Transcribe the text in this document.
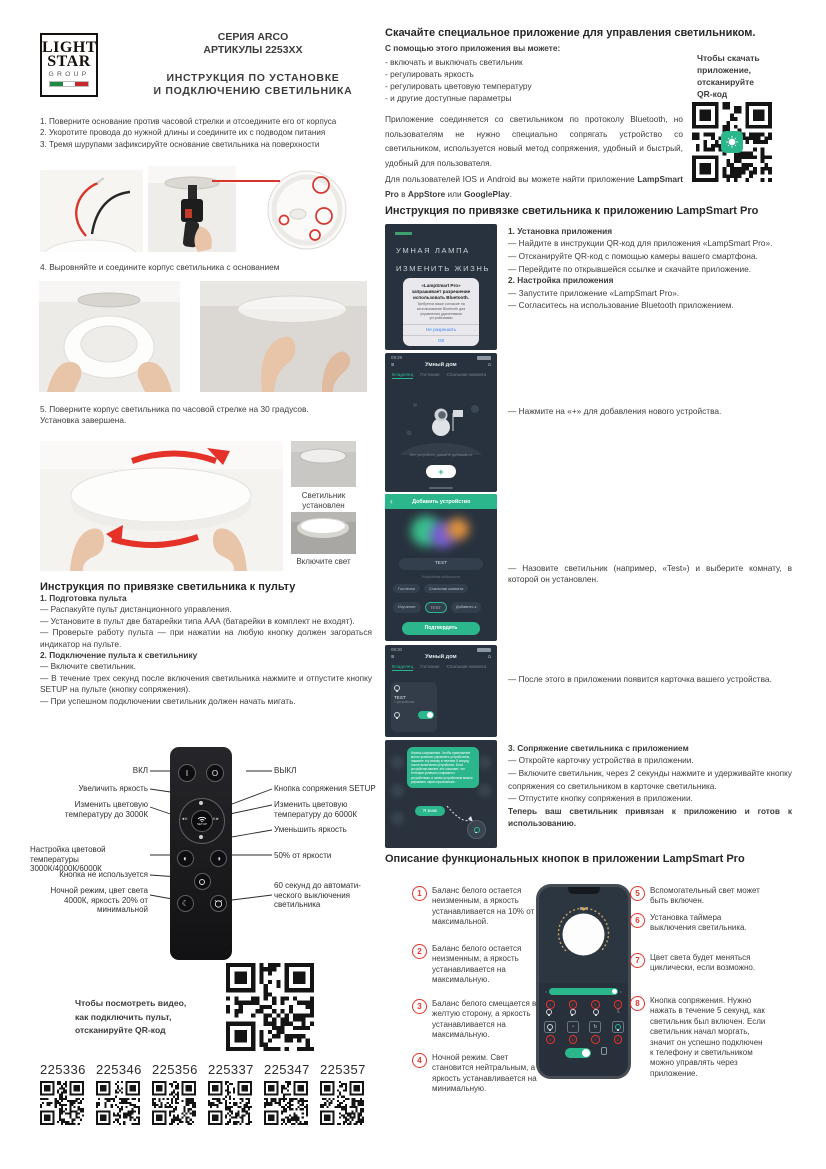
LIGHT
STAR
GROUP
СЕРИЯ ARCO
АРТИКУЛЫ 2253ХХ
ИНСТРУКЦИЯ ПО УСТАНОВКЕ
И ПОДКЛЮЧЕНИЮ СВЕТИЛЬНИКА
1. Поверните основание против часовой стрелки и отсоедините его от корпуса
2. Укоротите провода до нужной длины и соедините их с подводом питания
3. Тремя шурупами зафиксируйте основание светильника на поверхности
4. Выровняйте и соедините корпус светильника с основанием
5. Поверните корпус светильника по часовой стрелке на 30 градусов.
Установка завершена.
Светильник установлен
Включите свет
Инструкция по привязке светильника к пульту
1. Подготовка пульта
— Распакуйте пульт дистанционного управления.
— Установите в пульт две батарейки типа ААА (батарейки в комплект не входят).
— Проверьте работу пульта — при нажатии на любую кнопку должен загораться индикатор на пульте.
2. Подключение пульта к светильнику
— Включите светильник.
— В течение трех секунд после включения светильника нажмите и отпустите кнопку SETUP на пульте (кнопку сопряжения).
— При успешном подключении светильник должен начать мигать.
I	O
◄K	K►
SETUP
◐	◑
☾
ВКЛ
Увеличить яркость
Изменить цветовую температуру до 3000К
Настройка цветовой температуры 3000К/4000К/6000К
Кнопка не используется
Ночной режим, цвет света 4000К, яркость 20% от минимальной
ВЫКЛ
Кнопка сопряжения SETUP
Изменить цветовую температуру до 6000К
Уменьшить яркость
50% от яркости
60 секунд до автоматического выключения светильника
Чтобы посмотреть видео,
как подключить пульт,
отсканируйте QR-код
225336 225346 225356 225337 225347 225357
Скачайте специальное приложение для управления светильником.
С помощью этого приложения вы можете:
- включать и выключать светильник
- регулировать яркость
- регулировать цветовую температуру
- и другие доступные параметры
Чтобы скачать
приложение,
отсканируйте
QR-код
Приложение соединяется со светильником по протоколу Bluetooth, но пользователям не нужно специально сопрягать устройство со светильником, используется новый метод сопряжения, удобный и быстрый, удобный для пользователя.
Для пользователей IOS и Android вы можете найти приложение LampSmart Pro в AppStore или GooglePlay.
Инструкция по привязке светильника к приложению LampSmart Pro
УМНАЯ ЛАМПА
ИЗМЕНИТЬ ЖИЗНЬ
«LampSmart Pro» запрашивает разрешение использовать Bluetooth.
Требуется ваше согласие на использование Bluetooth для управления удаленными устройствами
Не разрешать
ОК
1. Установка приложения
— Найдите в инструкции QR-код для приложения «LampSmart Pro».
— Отсканируйте QR-код с помощью камеры вашего смартфона.
— Перейдите по открывшейся ссылке и скачайте приложение.
2. Настройка приложения
— Запустите приложение «LampSmart Pro».
— Согласитесь на использование Bluetooth приложением.
09:29
≡	Умный дом	⌂
Владелец Гостиная Спальная комната
Нет устройств, давайте добавим их
+
— Нажмите на «+» для добавления нового устройства.
‹	Добавить устройство
TEST
Устройства поблизости
Гостиная	Спальная комната
Изучение	TEST	Добавить к
Подтвердить
— Назовите светильник (например, «Test») и выберите комнату, в которой он установлен.
09:30
≡	Умный дом	⌂
Владелец Гостиная Спальная комната
TEST
1 устройство
— После этого в приложении появится карточка вашего устройства.
Кнопка сопряжения. Чтобы приложение могло успешно управлять устройством, нажмите эту кнопку в течение 5 секунд после включения устройства. Если устройство мигает, это означает, что телефон успешно сопряжен с устройством, и затем устройством можно управлять через приложение.
Я знаю
3. Сопряжение светильника с приложением
— Откройте карточку устройства в приложении.
— Включите светильник, через 2 секунды нажмите и удерживайте кнопку сопряжения со светильником в карточке светильника.
— Отпустите кнопку сопряжения в приложении.
Теперь ваш светильник привязан к приложению и готов к использованию.
Описание функциональных кнопок в приложении LampSmart Pro
1	Баланс белого остается неизменным, а яркость устанавливается на 10% от максимальной.
2	Баланс белого остается неизменным, а яркость устанавливается на максимальную.
3	Баланс белого смещается в желтую сторону, а яркость устанавливается на максимальную.
4	Ночной режим. Свет становится нейтральным, а яркость устанавливается на минимальную.
◃	▹
1	2	3	4
☾
◔	↻
5	6	7	8
5	Вспомогательный свет может быть включен.
6	Установка таймера выключения светильника.
7	Цвет света будет меняться циклически, если возможно.
8	Кнопка сопряжения. Нужно нажать в течение 5 секунд, как светильник был включен. Если светильник начал моргать, значит он успешно подключен к телефону и светильником можно управлять через приложение.
